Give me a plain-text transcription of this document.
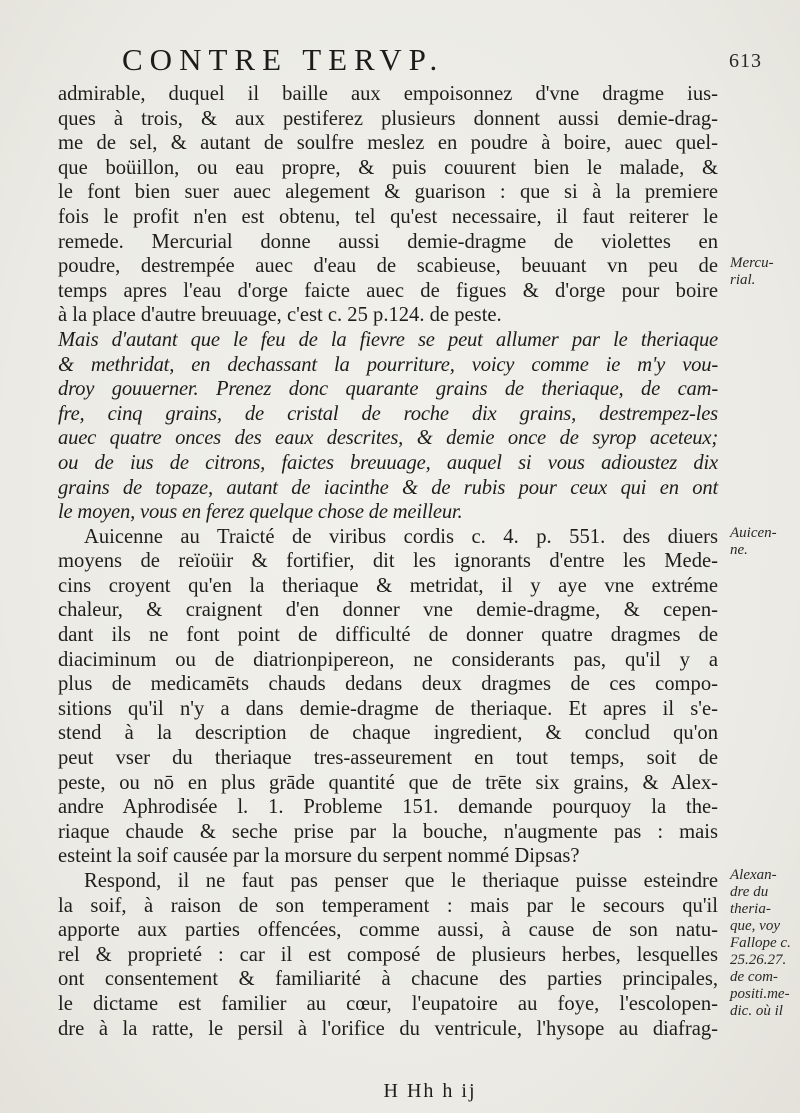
CONTRE TERVP.	613
admirable, duquel il baille aux empoisonnez d'vne dragme ius-
ques à trois, & aux pestiferez plusieurs donnent aussi demie-drag-
me de sel, & autant de soulfre meslez en poudre à boire, auec quel-
que boüillon, ou eau propre, & puis couurent bien le malade, &
le font bien suer auec alegement & guarison : que si à la premiere
fois le profit n'en est obtenu, tel qu'est necessaire, il faut reiterer le
remede. Mercurial donne aussi demie-dragme de violettes en
poudre, destrempée auec d'eau de scabieuse, beuuant vn peu de
temps apres l'eau d'orge faicte auec de figues & d'orge pour boire
à la place d'autre breuuage, c'est c. 25 p.124. de peste.
Mais d'autant que le feu de la fievre se peut allumer par le theriaque
& methridat, en dechassant la pourriture, voicy comme ie m'y vou-
droy gouuerner. Prenez donc quarante grains de theriaque, de cam-
fre, cinq grains, de cristal de roche dix grains, destrempez-les
auec quatre onces des eaux descrites, & demie once de syrop aceteux;
ou de ius de citrons, faictes breuuage, auquel si vous adioustez dix
grains de topaze, autant de iacinthe & de rubis pour ceux qui en ont
le moyen, vous en ferez quelque chose de meilleur.
Auicenne au Traicté de viribus cordis c. 4. p. 551. des diuers
moyens de reïoüir & fortifier, dit les ignorants d'entre les Mede-
cins croyent qu'en la theriaque & metridat, il y aye vne extréme
chaleur, & craignent d'en donner vne demie-dragme, & cepen-
dant ils ne font point de difficulté de donner quatre dragmes de
diaciminum ou de diatrionpipereon, ne considerants pas, qu'il y a
plus de medicamēts chauds dedans deux dragmes de ces compo-
sitions qu'il n'y a dans demie-dragme de theriaque. Et apres il s'e-
stend à la description de chaque ingredient, & conclud qu'on
peut vser du theriaque tres-asseurement en tout temps, soit de
peste, ou nō en plus grāde quantité que de trēte six grains, & Alex-
andre Aphrodisée l. 1. Probleme 151. demande pourquoy la the-
riaque chaude & seche prise par la bouche, n'augmente pas : mais
esteint la soif causée par la morsure du serpent nommé Dipsas?
Respond, il ne faut pas penser que le theriaque puisse esteindre
la soif, à raison de son temperament : mais par le secours qu'il
apporte aux parties offencées, comme aussi, à cause de son natu-
rel & proprieté : car il est composé de plusieurs herbes, lesquelles
ont consentement & familiarité à chacune des parties principales,
le dictame est familier au cœur, l'eupatoire au foye, l'escolopen-
dre à la ratte, le persil à l'orifice du ventricule, l'hysope au diafrag-
Mercu-
rial.
Auicen-
ne.
Alexan-
dre du
theria-
que, voy
Fallope c.
25.26.27.
de com-
positi.me-
dic. où il
H Hh h ij
